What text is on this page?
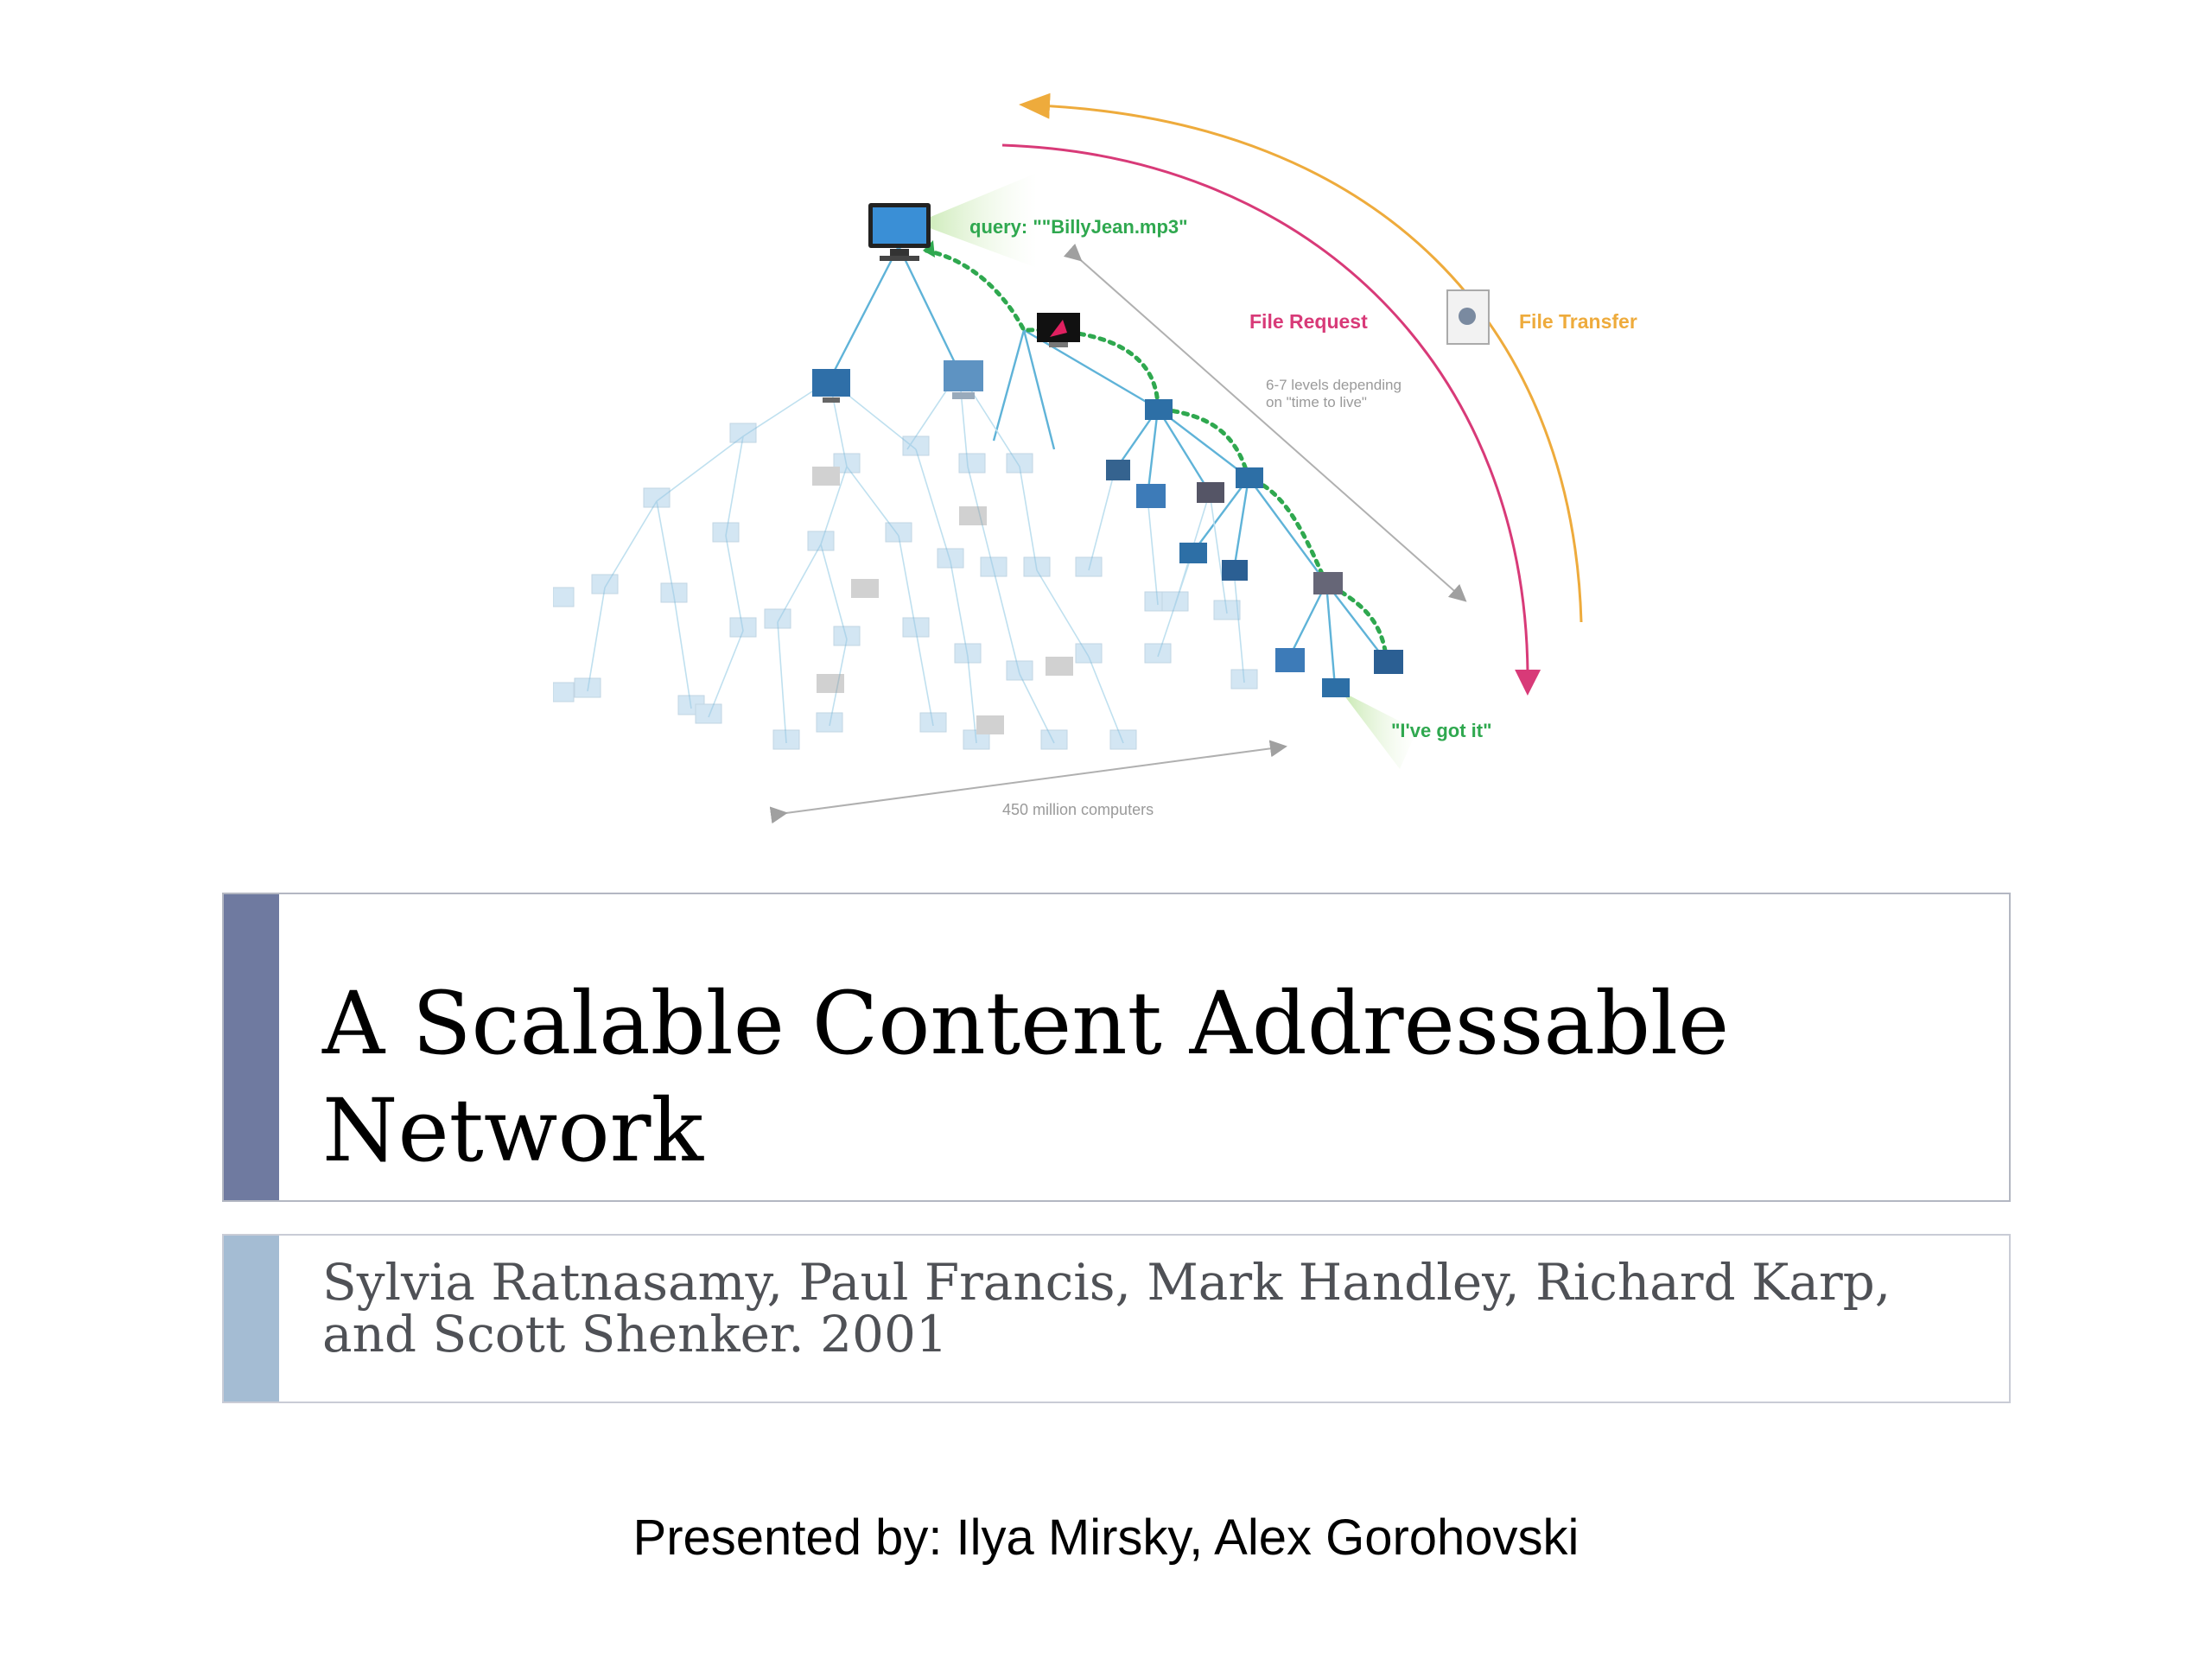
query: ""BillyJean.mp3"
File Request	File Transfer
6-7 levels depending
on "time to live"
"I've got it"
450 million computers
A Scalable Content Addressable
Network

Sylvia Ratnasamy, Paul Francis, Mark Handley, Richard Karp,
and Scott Shenker. 2001

Presented by: Ilya Mirsky, Alex Gorohovski
